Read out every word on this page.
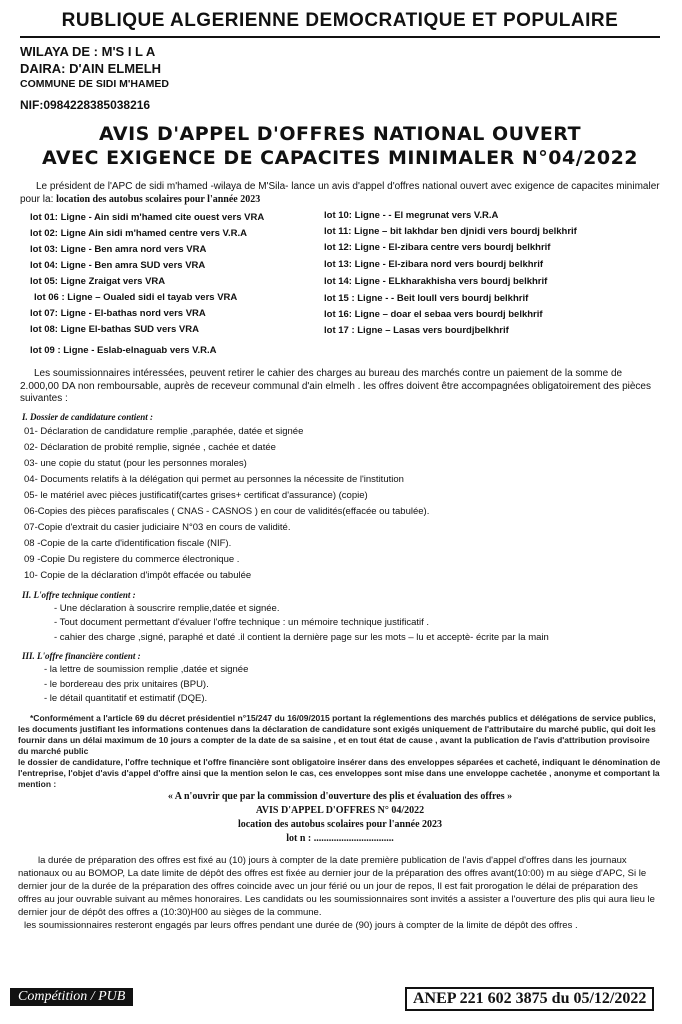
RUBLIQUE ALGERIENNE DEMOCRATIQUE ET POPULAIRE
WILAYA DE : M'S I L A
DAIRA: D'AIN ELMELH
COMMUNE DE SIDI M'HAMED
NIF:0984228385038216
AVIS D'APPEL D'OFFRES NATIONAL OUVERT
AVEC EXIGENCE DE CAPACITES MINIMALER N°04/2022
Le président de l'APC de sidi m'hamed -wilaya de M'Sila- lance un avis d'appel d'offres national ouvert avec exigence de capacites minimaler pour la: location des autobus scolaires pour l'année 2023
lot 01: Ligne - Ain sidi m'hamed cite ouest vers VRA
lot 02: Ligne Ain sidi m'hamed centre vers V.R.A
lot 03: Ligne - Ben amra nord vers VRA
lot 04: Ligne - Ben amra SUD vers VRA
lot 05: Ligne Zraigat vers VRA
lot 06 : Ligne – Oualed sidi el tayab vers VRA
lot 07: Ligne - El-bathas nord vers VRA
lot 08: Ligne El-bathas SUD vers VRA
lot 09 : Ligne - Eslab-elnaguab vers V.R.A
lot 10: Ligne - - El megrunat vers V.R.A
lot 11: Ligne – bit lakhdar ben djnidi vers bourdj belkhrif
lot 12: Ligne - El-zibara centre vers bourdj belkhrif
lot 13: Ligne - El-zibara nord vers bourdj belkhrif
lot 14: Ligne - ELkharakhisha vers bourdj belkhrif
lot 15 : Ligne - - Beit loull vers bourdj belkhrif
lot 16: Ligne – doar el sebaa vers bourdj belkhrif
lot 17 : Ligne – Lasas vers bourdjbelkhrif
Les soumissionnaires intéressées, peuvent retirer le cahier des charges au bureau des marchés contre un paiement de la somme de 2.000,00 DA non remboursable, auprès de receveur communal d'ain elmelh . les offres doivent être accompagnées obligatoirement des pièces suivantes :
I. Dossier de candidature contient :
01- Déclaration de candidature remplie ,paraphée, datée et signée
02- Déclaration de probité remplie, signée , cachée et datée
03- une copie du statut (pour les personnes morales)
04- Documents relatifs à la délégation qui permet au personnes la nécessite de l'institution
05- le matériel avec pièces justificatif(cartes grises+ certificat d'assurance) (copie)
06-Copies des pièces parafiscales ( CNAS - CASNOS ) en cour de validités(effacée ou tabulée).
07-Copie d'extrait du casier judiciaire N°03 en cours de validité.
08 -Copie de la carte d'identification fiscale (NIF).
09 -Copie Du registere du commerce électronique .
10- Copie de la déclaration d'impôt effacée ou tabulée
II. L'offre technique contient :
- Une déclaration à souscrire remplie,datée et signée.
- Tout document permettant d'évaluer l'offre technique : un mémoire technique justificatif .
- cahier des charge ,signé, paraphé et daté .il contient la dernière page sur les mots – lu et acceptè- écrite par la main
III. L'offre financière contient :
- la lettre de soumission remplie ,datée et signée
- le bordereau des prix unitaires (BPU).
- le détail quantitatif et estimatif (DQE).
*Conformément a l'article 69 du décret présidentiel n°15/247 du 16/09/2015 portant la réglementions des marchés publics et délégations de service publics, les documents justifiant les informations contenues dans la déclaration de candidature sont exigés uniquement de l'attributaire du marché public, qui doit les fournir dans un délai maximum de 10 jours a compter de la date de sa saisine , et en tout état de cause , avant la publication de l'avis d'attribution provisoire du marché public
le dossier de candidature, l'offre technique et l'offre financière sont obligatoire insérer dans des enveloppes séparées et cacheté, indiquant le dénomination de l'entreprise, l'objet d'avis d'appel d'offre ainsi que la mention selon le cas, ces enveloppes sont mise dans une enveloppe cachetée , anonyme et comportant la mention :
« A n'ouvrir que par la commission d'ouverture des plis et évaluation des offres »
AVIS D'APPEL D'OFFRES N° 04/2022
location des autobus scolaires pour l'année 2023
lot n : ................................
la durée de préparation des offres est fixé au (10) jours à compter de la date première publication de l'avis d'appel d'offres dans les journaux nationaux ou au BOMOP, La date limite de dépôt des offres est fixée au dernier jour de la préparation des offres avant(10:00) m au siège d'APC, Si le dernier jour de la durée de la préparation des offres coincide avec un jour férié ou un jour de repos, Il est fait prorogation le délai de préparation des offres au jour ouvrable suivant au mêmes honoraires. Les candidats ou les soumissionnaires sont invités a assister a l'ouverture des plis qui aura lieu le dernier jour de dépôt des offres a (10:30)H00 au sièges de la commune.
les soumissionnaires resteront engagés par leurs offres pendant une durée de (90) jours à compter de la limite de dépôt des offres .
Compétition / PUB	ANEP 221 602 3875 du 05/12/2022
